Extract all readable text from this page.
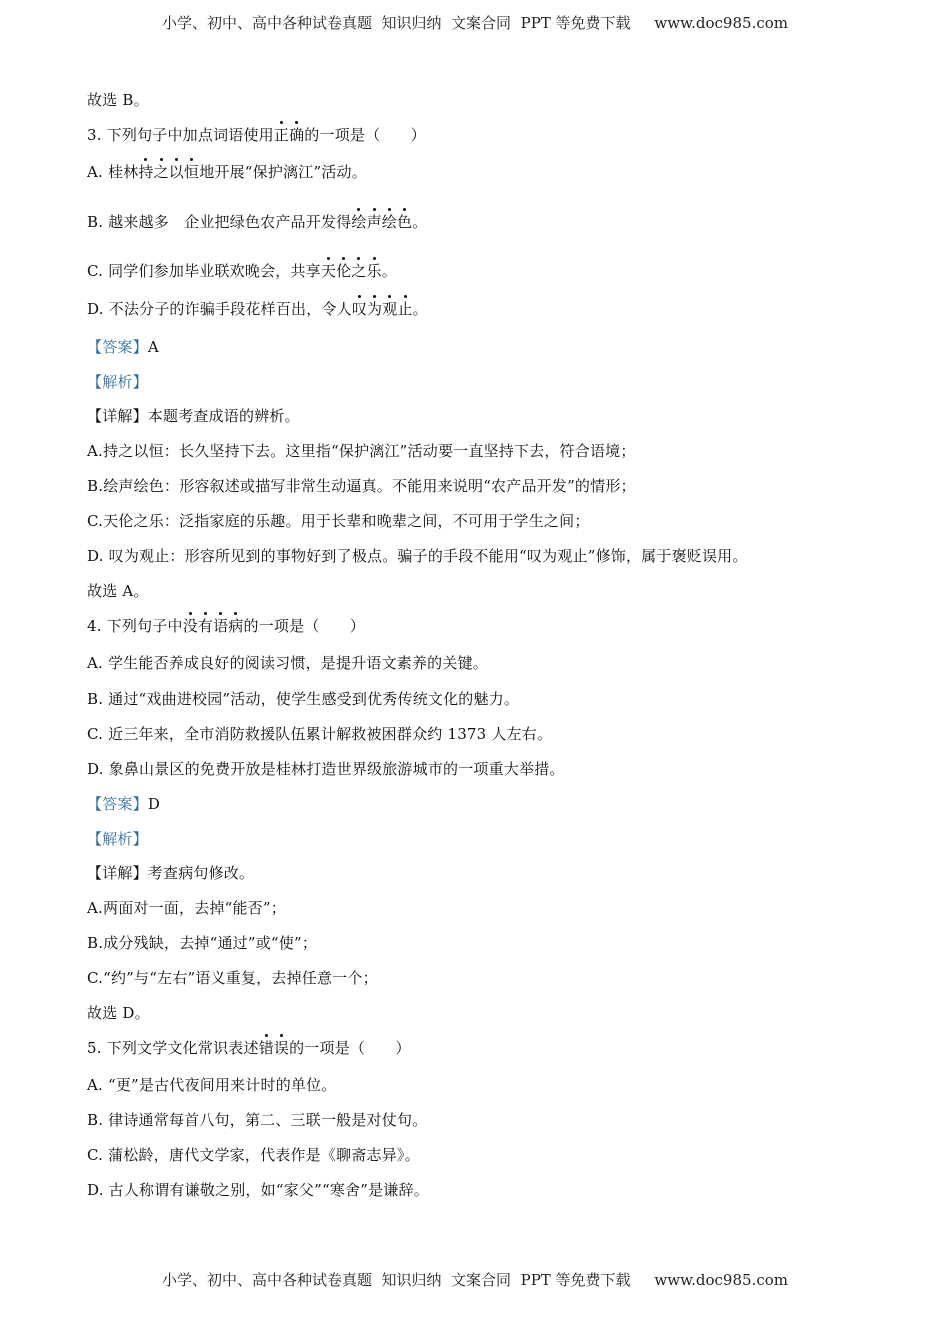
小学、初中、高中各种试卷真题  知识归纳  文案合同  PPT 等免费下载     www.doc985.com
故选 B。
3. 下列句子中加点词语使用正确的一项是（　　）
A. 桂林持之以恒地开展“保护漓江”活动。
B. 越来越多　企业把绿色农产品开发得绘声绘色。
C. 同学们参加毕业联欢晚会，共享天伦之乐。
D. 不法分子的诈骗手段花样百出，令人叹为观止。
【答案】A
【解析】
【详解】本题考查成语的辨析。
A.持之以恒：长久坚持下去。这里指“保护漓江”活动要一直坚持下去，符合语境；
B.绘声绘色：形容叙述或描写非常生动逼真。不能用来说明“农产品开发”的情形；
C.天伦之乐：泛指家庭的乐趣。用于长辈和晚辈之间，不可用于学生之间；
D. 叹为观止：形容所见到的事物好到了极点。骗子的手段不能用“叹为观止”修饰，属于褒贬误用。
故选 A。
4. 下列句子中没有语病的一项是（　　）
A. 学生能否养成良好的阅读习惯，是提升语文素养的关键。
B. 通过“戏曲进校园”活动，使学生感受到优秀传统文化的魅力。
C. 近三年来，全市消防救援队伍累计解救被困群众约 1373 人左右。
D. 象鼻山景区的免费开放是桂林打造世界级旅游城市的一项重大举措。
【答案】D
【解析】
【详解】考查病句修改。
A.两面对一面，去掉“能否”；
B.成分残缺，去掉“通过”或“使”；
C.“约”与“左右”语义重复，去掉任意一个；
故选 D。
5. 下列文学文化常识表述错误的一项是（　　）
A. “更”是古代夜间用来计时的单位。
B. 律诗通常每首八句，第二、三联一般是对仗句。
C. 蒲松龄，唐代文学家，代表作是《聊斋志异》。
D. 古人称谓有谦敬之别，如“家父”“寒舍”是谦辞。
小学、初中、高中各种试卷真题  知识归纳  文案合同  PPT 等免费下载     www.doc985.com
